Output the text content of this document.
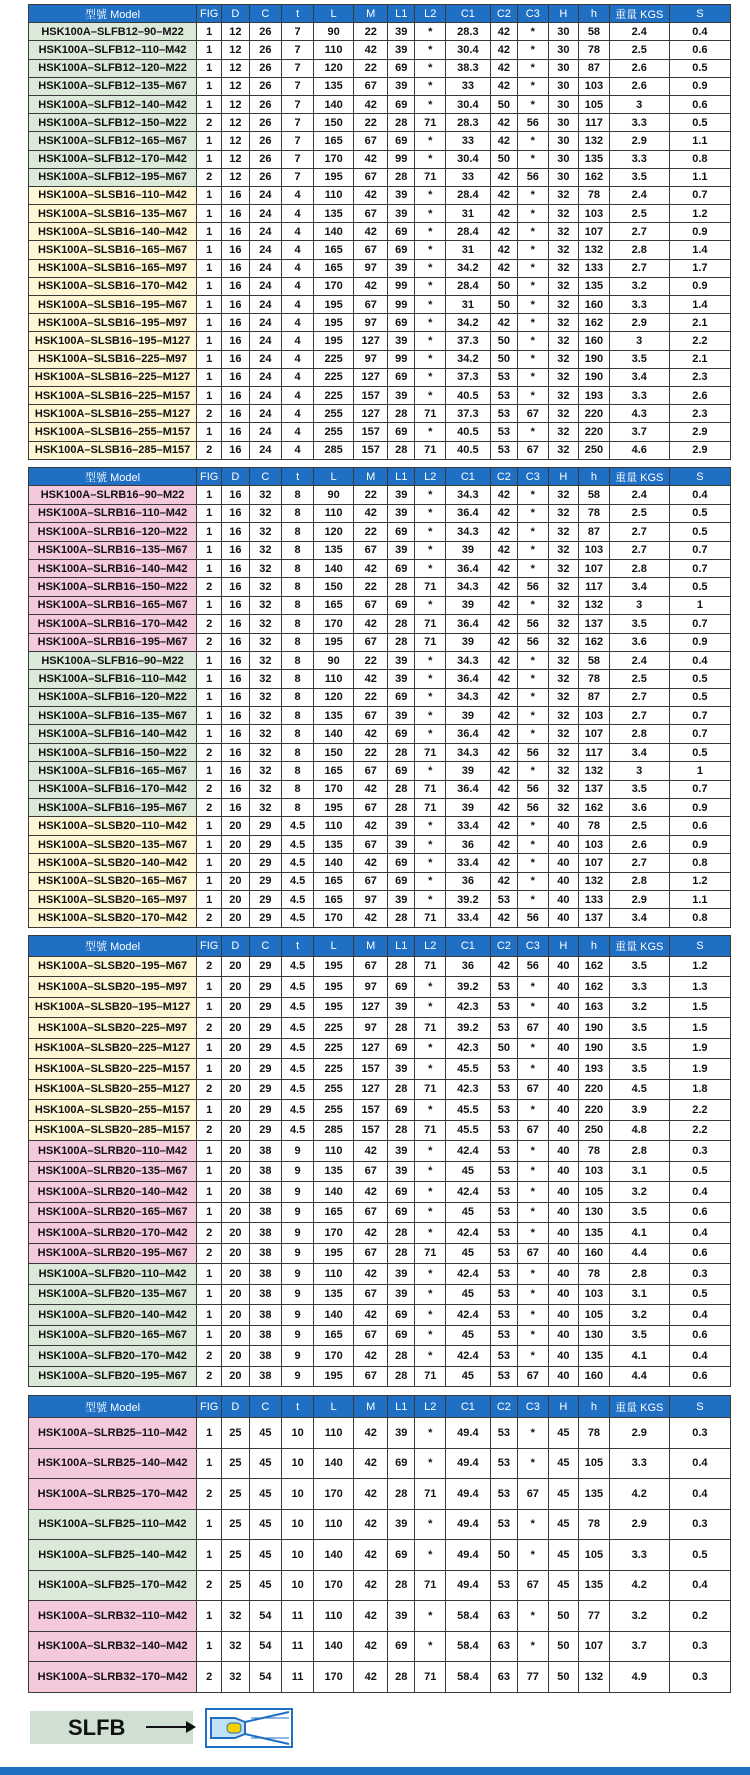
型號 Model	FIG	D	C	t	L	M	L1	L2	C1	C2	C3	H	h	重量 KGS	S
HSK100A–SLFB12–90–M22	1	12	26	7	90	22	39	*	28.3	42	*	30	58	2.4	0.4
HSK100A–SLFB12–110–M42	1	12	26	7	110	42	39	*	30.4	42	*	30	78	2.5	0.6
HSK100A–SLFB12–120–M22	1	12	26	7	120	22	69	*	38.3	42	*	30	87	2.6	0.5
HSK100A–SLFB12–135–M67	1	12	26	7	135	67	39	*	33	42	*	30	103	2.6	0.9
HSK100A–SLFB12–140–M42	1	12	26	7	140	42	69	*	30.4	50	*	30	105	3	0.6
HSK100A–SLFB12–150–M22	2	12	26	7	150	22	28	71	28.3	42	56	30	117	3.3	0.5
HSK100A–SLFB12–165–M67	1	12	26	7	165	67	69	*	33	42	*	30	132	2.9	1.1
HSK100A–SLFB12–170–M42	1	12	26	7	170	42	99	*	30.4	50	*	30	135	3.3	0.8
HSK100A–SLFB12–195–M67	2	12	26	7	195	67	28	71	33	42	56	30	162	3.5	1.1
HSK100A–SLSB16–110–M42	1	16	24	4	110	42	39	*	28.4	42	*	32	78	2.4	0.7
HSK100A–SLSB16–135–M67	1	16	24	4	135	67	39	*	31	42	*	32	103	2.5	1.2
HSK100A–SLSB16–140–M42	1	16	24	4	140	42	69	*	28.4	42	*	32	107	2.7	0.9
HSK100A–SLSB16–165–M67	1	16	24	4	165	67	69	*	31	42	*	32	132	2.8	1.4
HSK100A–SLSB16–165–M97	1	16	24	4	165	97	39	*	34.2	42	*	32	133	2.7	1.7
HSK100A–SLSB16–170–M42	1	16	24	4	170	42	99	*	28.4	50	*	32	135	3.2	0.9
HSK100A–SLSB16–195–M67	1	16	24	4	195	67	99	*	31	50	*	32	160	3.3	1.4
HSK100A–SLSB16–195–M97	1	16	24	4	195	97	69	*	34.2	42	*	32	162	2.9	2.1
HSK100A–SLSB16–195–M127	1	16	24	4	195	127	39	*	37.3	50	*	32	160	3	2.2
HSK100A–SLSB16–225–M97	1	16	24	4	225	97	99	*	34.2	50	*	32	190	3.5	2.1
HSK100A–SLSB16–225–M127	1	16	24	4	225	127	69	*	37.3	53	*	32	190	3.4	2.3
HSK100A–SLSB16–225–M157	1	16	24	4	225	157	39	*	40.5	53	*	32	193	3.3	2.6
HSK100A–SLSB16–255–M127	2	16	24	4	255	127	28	71	37.3	53	67	32	220	4.3	2.3
HSK100A–SLSB16–255–M157	1	16	24	4	255	157	69	*	40.5	53	*	32	220	3.7	2.9
HSK100A–SLSB16–285–M157	2	16	24	4	285	157	28	71	40.5	53	67	32	250	4.6	2.9
型號 Model	FIG	D	C	t	L	M	L1	L2	C1	C2	C3	H	h	重量 KGS	S
HSK100A–SLRB16–90–M22	1	16	32	8	90	22	39	*	34.3	42	*	32	58	2.4	0.4
HSK100A–SLRB16–110–M42	1	16	32	8	110	42	39	*	36.4	42	*	32	78	2.5	0.5
HSK100A–SLRB16–120–M22	1	16	32	8	120	22	69	*	34.3	42	*	32	87	2.7	0.5
HSK100A–SLRB16–135–M67	1	16	32	8	135	67	39	*	39	42	*	32	103	2.7	0.7
HSK100A–SLRB16–140–M42	1	16	32	8	140	42	69	*	36.4	42	*	32	107	2.8	0.7
HSK100A–SLRB16–150–M22	2	16	32	8	150	22	28	71	34.3	42	56	32	117	3.4	0.5
HSK100A–SLRB16–165–M67	1	16	32	8	165	67	69	*	39	42	*	32	132	3	1
HSK100A–SLRB16–170–M42	2	16	32	8	170	42	28	71	36.4	42	56	32	137	3.5	0.7
HSK100A–SLRB16–195–M67	2	16	32	8	195	67	28	71	39	42	56	32	162	3.6	0.9
HSK100A–SLFB16–90–M22	1	16	32	8	90	22	39	*	34.3	42	*	32	58	2.4	0.4
HSK100A–SLFB16–110–M42	1	16	32	8	110	42	39	*	36.4	42	*	32	78	2.5	0.5
HSK100A–SLFB16–120–M22	1	16	32	8	120	22	69	*	34.3	42	*	32	87	2.7	0.5
HSK100A–SLFB16–135–M67	1	16	32	8	135	67	39	*	39	42	*	32	103	2.7	0.7
HSK100A–SLFB16–140–M42	1	16	32	8	140	42	69	*	36.4	42	*	32	107	2.8	0.7
HSK100A–SLFB16–150–M22	2	16	32	8	150	22	28	71	34.3	42	56	32	117	3.4	0.5
HSK100A–SLFB16–165–M67	1	16	32	8	165	67	69	*	39	42	*	32	132	3	1
HSK100A–SLFB16–170–M42	2	16	32	8	170	42	28	71	36.4	42	56	32	137	3.5	0.7
HSK100A–SLFB16–195–M67	2	16	32	8	195	67	28	71	39	42	56	32	162	3.6	0.9
HSK100A–SLSB20–110–M42	1	20	29	4.5	110	42	39	*	33.4	42	*	40	78	2.5	0.6
HSK100A–SLSB20–135–M67	1	20	29	4.5	135	67	39	*	36	42	*	40	103	2.6	0.9
HSK100A–SLSB20–140–M42	1	20	29	4.5	140	42	69	*	33.4	42	*	40	107	2.7	0.8
HSK100A–SLSB20–165–M67	1	20	29	4.5	165	67	69	*	36	42	*	40	132	2.8	1.2
HSK100A–SLSB20–165–M97	1	20	29	4.5	165	97	39	*	39.2	53	*	40	133	2.9	1.1
HSK100A–SLSB20–170–M42	2	20	29	4.5	170	42	28	71	33.4	42	56	40	137	3.4	0.8
型號 Model	FIG	D	C	t	L	M	L1	L2	C1	C2	C3	H	h	重量 KGS	S
HSK100A–SLSB20–195–M67	2	20	29	4.5	195	67	28	71	36	42	56	40	162	3.5	1.2
HSK100A–SLSB20–195–M97	1	20	29	4.5	195	97	69	*	39.2	53	*	40	162	3.3	1.3
HSK100A–SLSB20–195–M127	1	20	29	4.5	195	127	39	*	42.3	53	*	40	163	3.2	1.5
HSK100A–SLSB20–225–M97	2	20	29	4.5	225	97	28	71	39.2	53	67	40	190	3.5	1.5
HSK100A–SLSB20–225–M127	1	20	29	4.5	225	127	69	*	42.3	50	*	40	190	3.5	1.9
HSK100A–SLSB20–225–M157	1	20	29	4.5	225	157	39	*	45.5	53	*	40	193	3.5	1.9
HSK100A–SLSB20–255–M127	2	20	29	4.5	255	127	28	71	42.3	53	67	40	220	4.5	1.8
HSK100A–SLSB20–255–M157	1	20	29	4.5	255	157	69	*	45.5	53	*	40	220	3.9	2.2
HSK100A–SLSB20–285–M157	2	20	29	4.5	285	157	28	71	45.5	53	67	40	250	4.8	2.2
HSK100A–SLRB20–110–M42	1	20	38	9	110	42	39	*	42.4	53	*	40	78	2.8	0.3
HSK100A–SLRB20–135–M67	1	20	38	9	135	67	39	*	45	53	*	40	103	3.1	0.5
HSK100A–SLRB20–140–M42	1	20	38	9	140	42	69	*	42.4	53	*	40	105	3.2	0.4
HSK100A–SLRB20–165–M67	1	20	38	9	165	67	69	*	45	53	*	40	130	3.5	0.6
HSK100A–SLRB20–170–M42	2	20	38	9	170	42	28	*	42.4	53	*	40	135	4.1	0.4
HSK100A–SLRB20–195–M67	2	20	38	9	195	67	28	71	45	53	67	40	160	4.4	0.6
HSK100A–SLFB20–110–M42	1	20	38	9	110	42	39	*	42.4	53	*	40	78	2.8	0.3
HSK100A–SLFB20–135–M67	1	20	38	9	135	67	39	*	45	53	*	40	103	3.1	0.5
HSK100A–SLFB20–140–M42	1	20	38	9	140	42	69	*	42.4	53	*	40	105	3.2	0.4
HSK100A–SLFB20–165–M67	1	20	38	9	165	67	69	*	45	53	*	40	130	3.5	0.6
HSK100A–SLFB20–170–M42	2	20	38	9	170	42	28	*	42.4	53	*	40	135	4.1	0.4
HSK100A–SLFB20–195–M67	2	20	38	9	195	67	28	71	45	53	67	40	160	4.4	0.6
型號 Model	FIG	D	C	t	L	M	L1	L2	C1	C2	C3	H	h	重量 KGS	S
HSK100A–SLRB25–110–M42	1	25	45	10	110	42	39	*	49.4	53	*	45	78	2.9	0.3
HSK100A–SLRB25–140–M42	1	25	45	10	140	42	69	*	49.4	53	*	45	105	3.3	0.4
HSK100A–SLRB25–170–M42	2	25	45	10	170	42	28	71	49.4	53	67	45	135	4.2	0.4
HSK100A–SLFB25–110–M42	1	25	45	10	110	42	39	*	49.4	53	*	45	78	2.9	0.3
HSK100A–SLFB25–140–M42	1	25	45	10	140	42	69	*	49.4	50	*	45	105	3.3	0.5
HSK100A–SLFB25–170–M42	2	25	45	10	170	42	28	71	49.4	53	67	45	135	4.2	0.4
HSK100A–SLRB32–110–M42	1	32	54	11	110	42	39	*	58.4	63	*	50	77	3.2	0.2
HSK100A–SLRB32–140–M42	1	32	54	11	140	42	69	*	58.4	63	*	50	107	3.7	0.3
HSK100A–SLRB32–170–M42	2	32	54	11	170	42	28	71	58.4	63	77	50	132	4.9	0.3
SLFB
